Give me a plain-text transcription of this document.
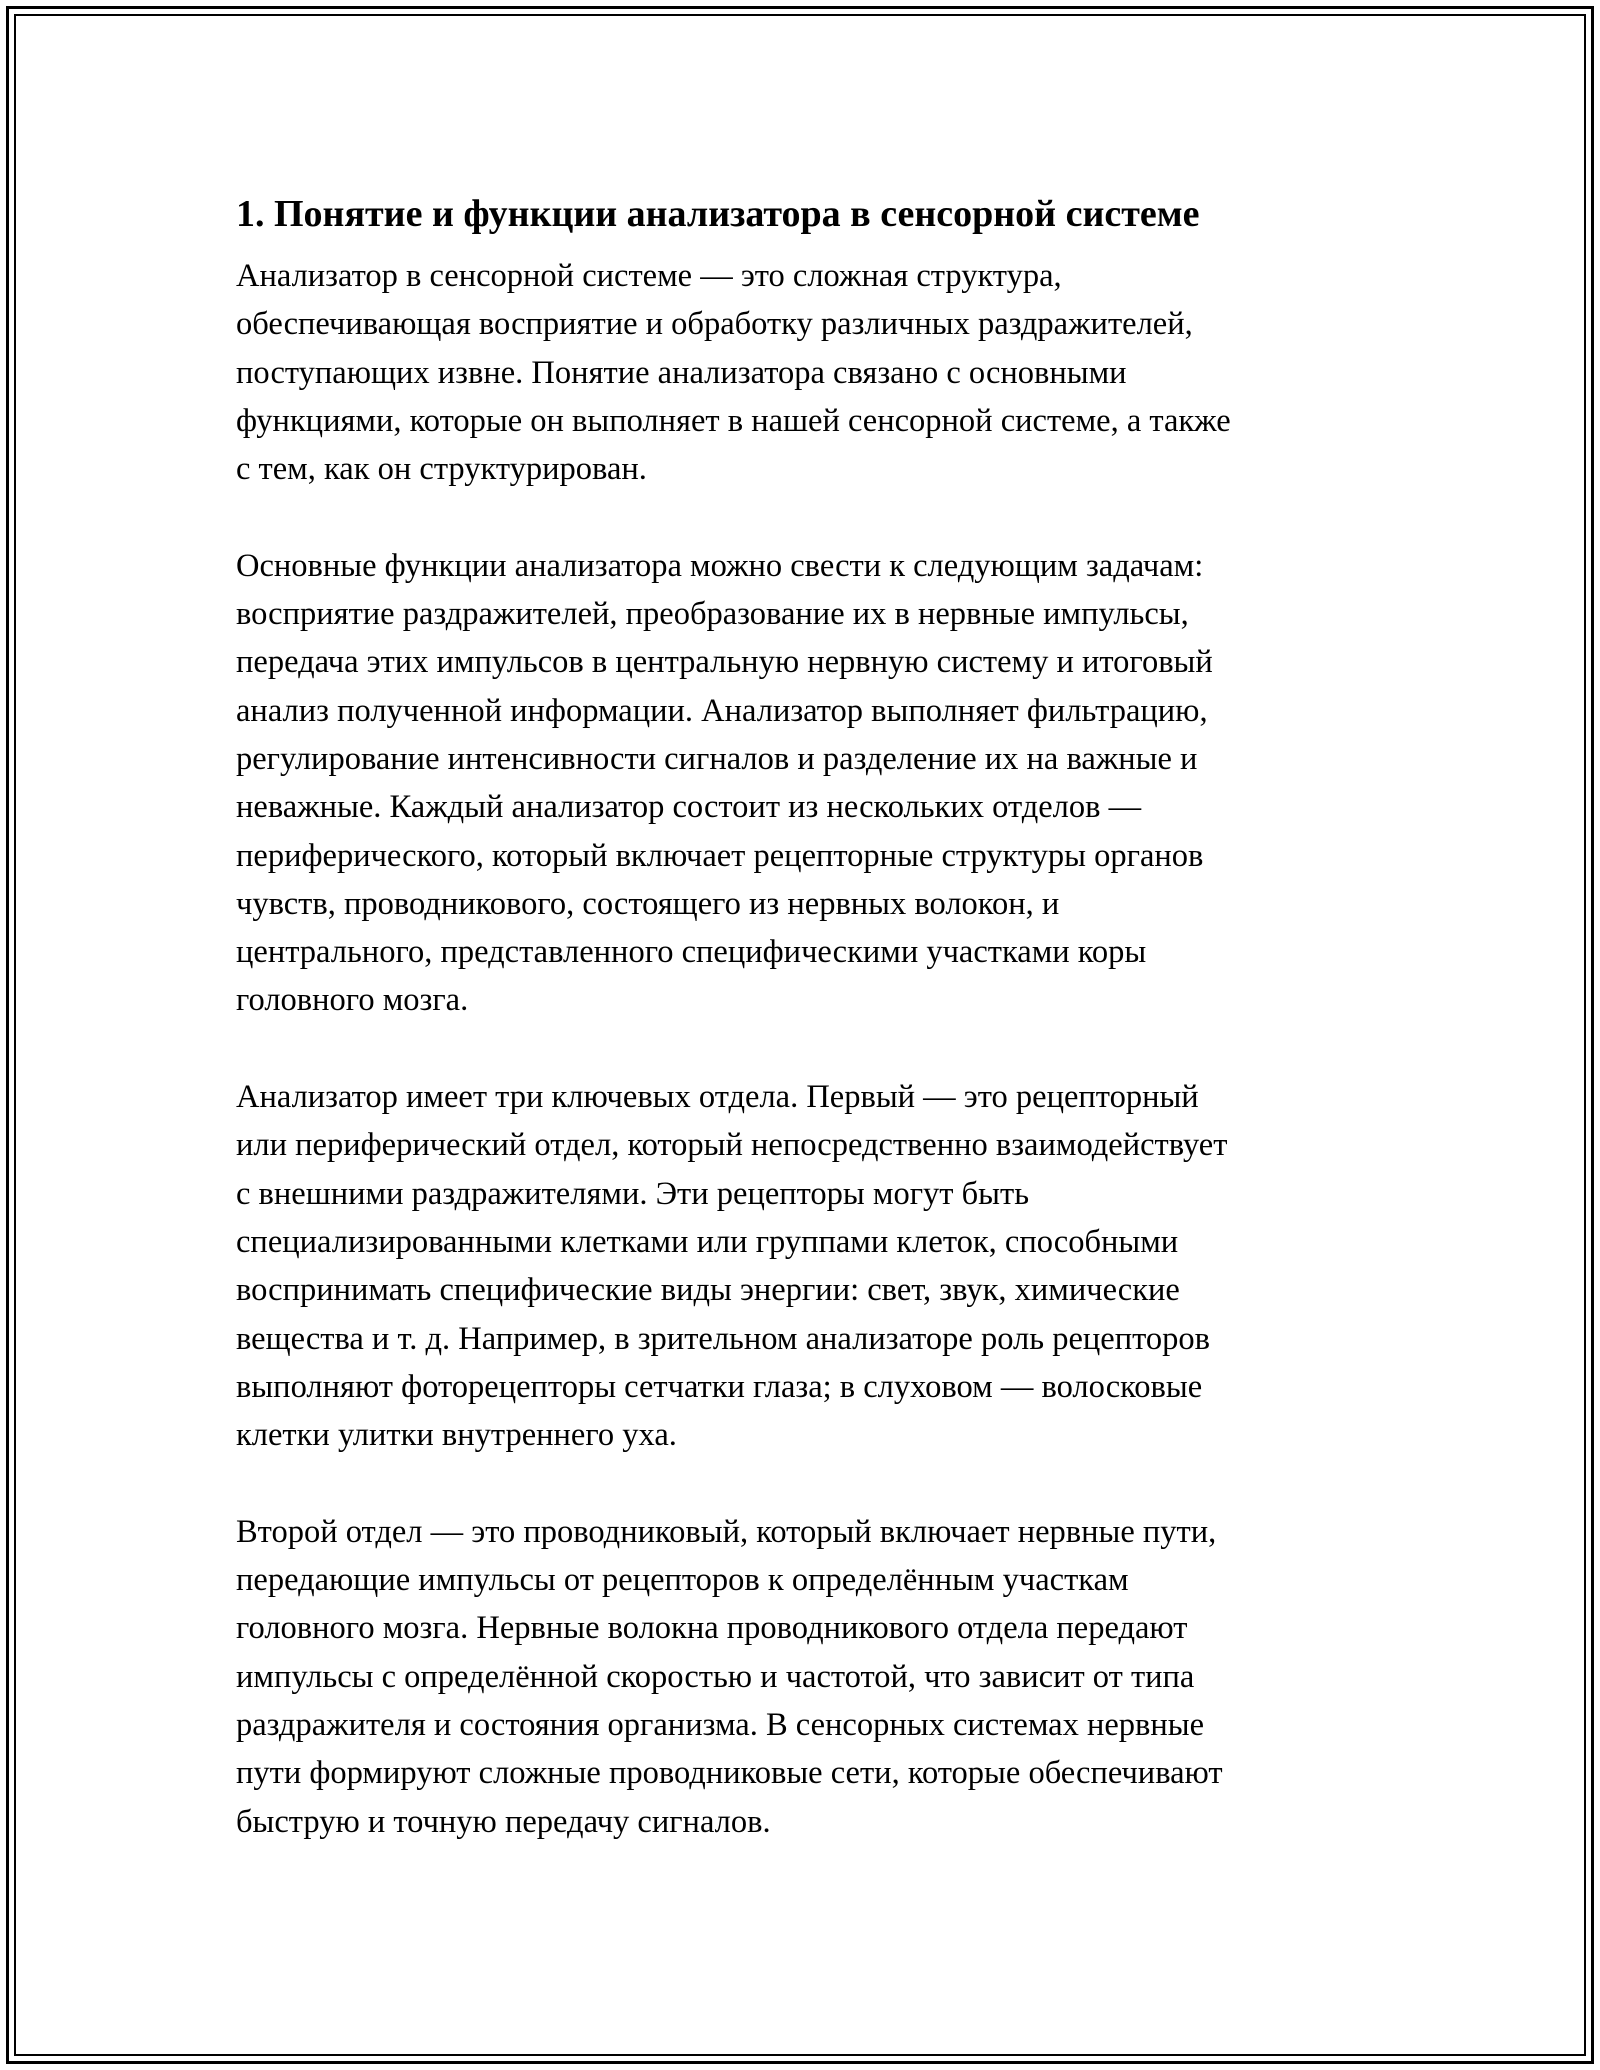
1. Понятие и функции анализатора в сенсорной системе

Анализатор в сенсорной системе — это сложная структура,
обеспечивающая восприятие и обработку различных раздражителей,
поступающих извне. Понятие анализатора связано с основными
функциями, которые он выполняет в нашей сенсорной системе, а также
с тем, как он структурирован.

Основные функции анализатора можно свести к следующим задачам:
восприятие раздражителей, преобразование их в нервные импульсы,
передача этих импульсов в центральную нервную систему и итоговый
анализ полученной информации. Анализатор выполняет фильтрацию,
регулирование интенсивности сигналов и разделение их на важные и
неважные. Каждый анализатор состоит из нескольких отделов —
периферического, который включает рецепторные структуры органов
чувств, проводникового, состоящего из нервных волокон, и
центрального, представленного специфическими участками коры
головного мозга.

Анализатор имеет три ключевых отдела. Первый — это рецепторный
или периферический отдел, который непосредственно взаимодействует
с внешними раздражителями. Эти рецепторы могут быть
специализированными клетками или группами клеток, способными
воспринимать специфические виды энергии: свет, звук, химические
вещества и т. д. Например, в зрительном анализаторе роль рецепторов
выполняют фоторецепторы сетчатки глаза; в слуховом — волосковые
клетки улитки внутреннего уха.

Второй отдел — это проводниковый, который включает нервные пути,
передающие импульсы от рецепторов к определённым участкам
головного мозга. Нервные волокна проводникового отдела передают
импульсы с определённой скоростью и частотой, что зависит от типа
раздражителя и состояния организма. В сенсорных системах нервные
пути формируют сложные проводниковые сети, которые обеспечивают
быструю и точную передачу сигналов.
